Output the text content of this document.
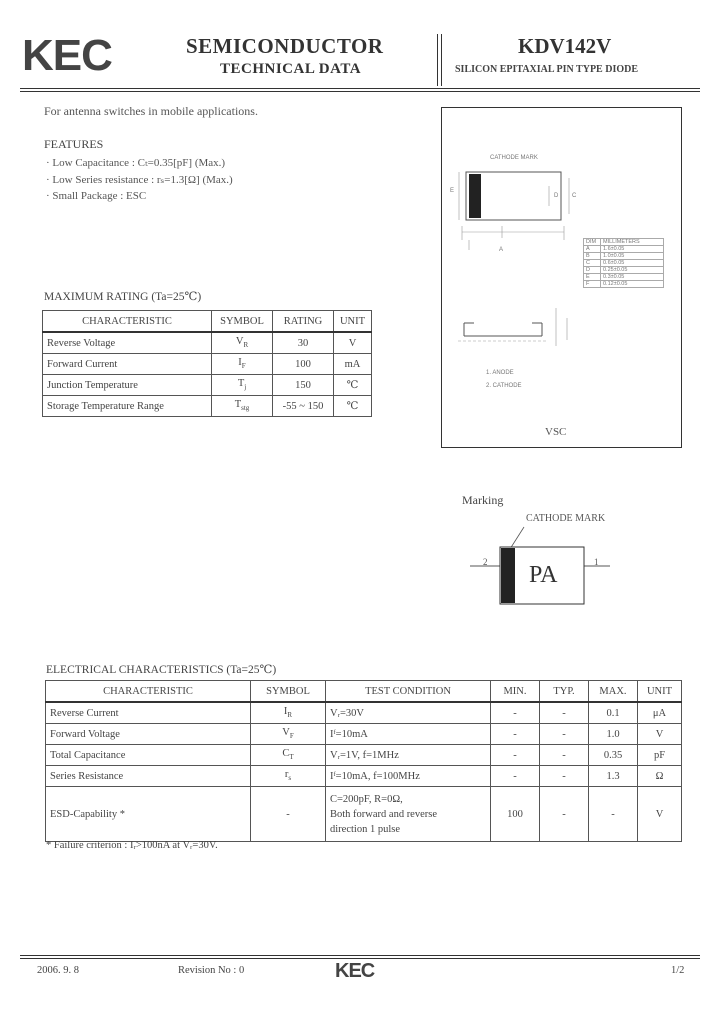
KEC	SEMICONDUCTOR
TECHNICAL DATA
KDV142V
SILICON EPITAXIAL PIN TYPE DIODE
For antenna switches in mobile applications.
FEATURES
· Low Capacitance : Cₜ=0.35[pF] (Max.)
· Low Series resistance : rₛ=1.3[Ω] (Max.)
· Small Package : ESC	E
A
D C
CATHODE MARK
DIM	MILLIMETERS
A	1.6±0.05
B	1.0±0.05
C	0.6±0.05
D	0.25±0.05
E	0.3±0.05
F	0.12±0.05
1. ANODE
2. CATHODE
VSC
MAXIMUM RATING (Ta=25℃)
CHARACTERISTIC	SYMBOL	RATING	UNIT
Reverse Voltage	$V_R$	30	V
Forward Current	$I_F$	100	mA
Junction Temperature	$T_j$	150	℃
Storage Temperature Range	$T_{stg}$	-55 ~ 150	℃
Marking
CATHODE MARK
2	1
PA
ELECTRICAL CHARACTERISTICS (Ta=25℃)
CHARACTERISTIC	SYMBOL	TEST CONDITION	MIN.	TYP.	MAX.	UNIT
Reverse Current	$I_R$	Vᵣ=30V	-	-	0.1	μA
Forward Voltage	$V_F$	Iᶠ=10mA	-	-	1.0	V
Total Capacitance	$C_T$	Vᵣ=1V, f=1MHz	-	-	0.35	pF
Series Resistance	$r_s$	Iᶠ=10mA, f=100MHz	-	-	1.3	Ω
ESD-Capability *	-	C=200pF, R=0Ω,
Both forward and reverse
direction 1 pulse	100	-	-	V
* Failure criterion : Iᵣ>100nA at Vᵣ=30V.
2006. 9. 8	Revision No : 0	KEC	1/2
